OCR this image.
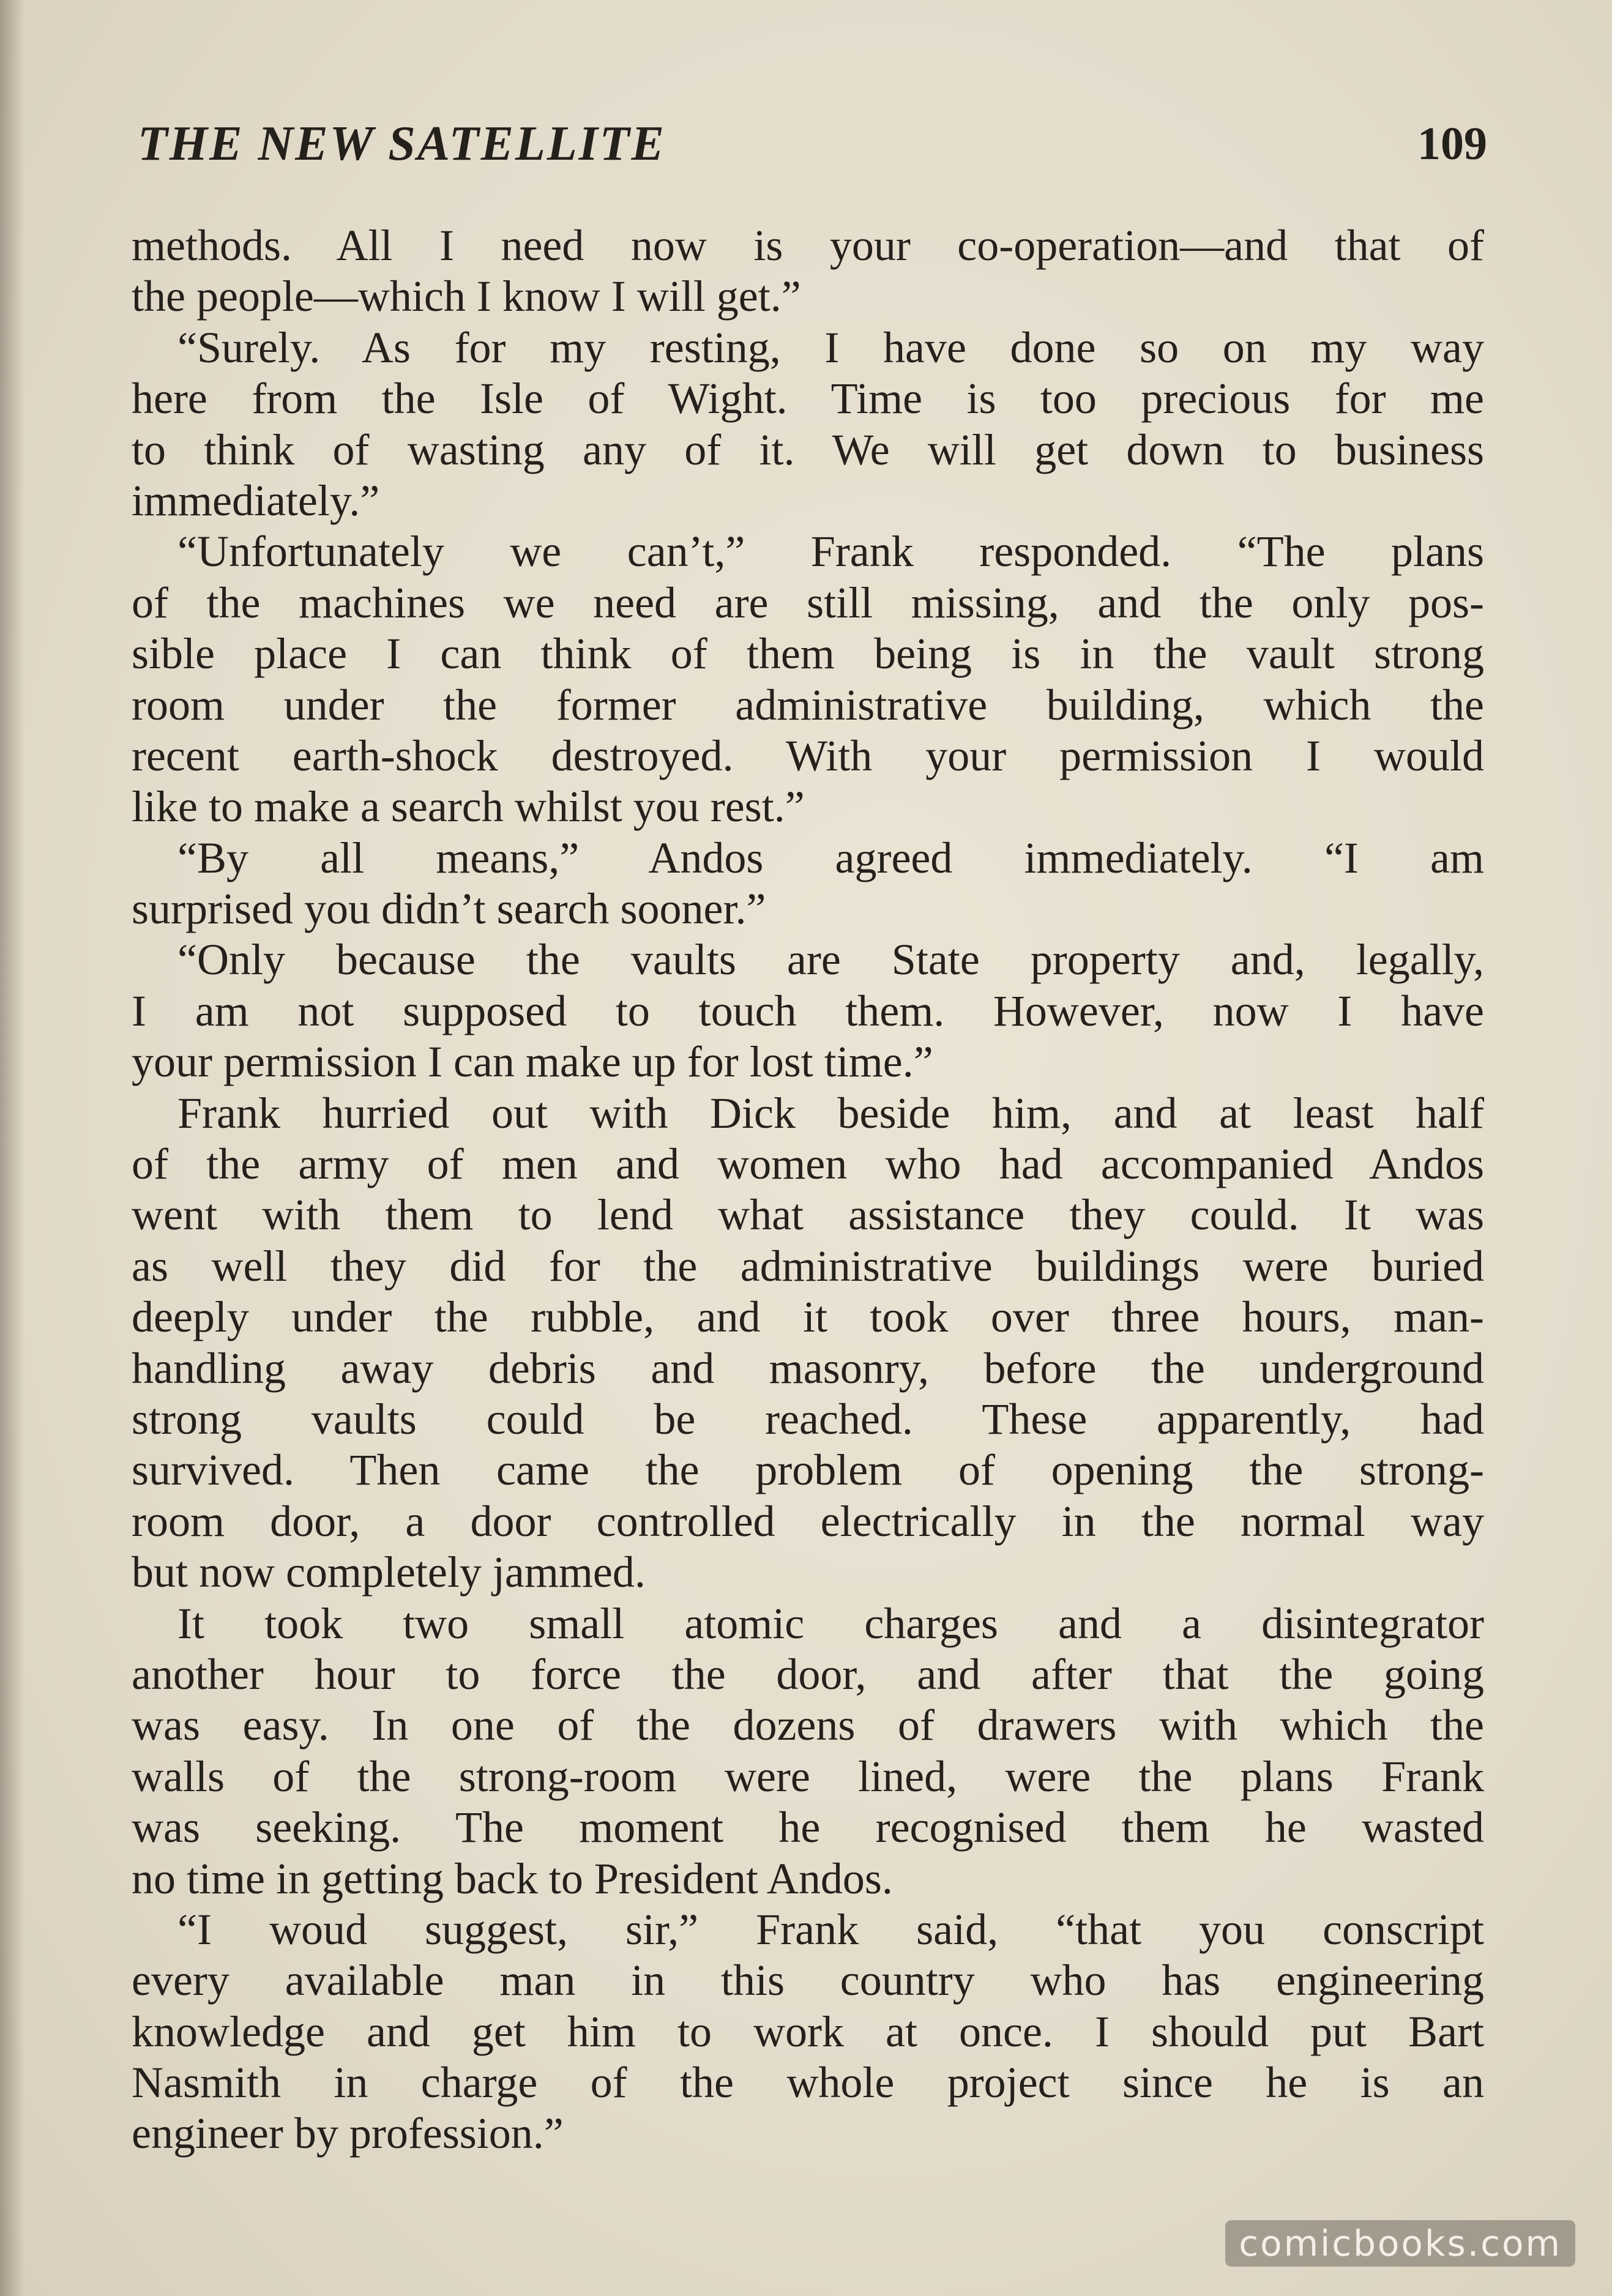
THE NEW SATELLITE	109
methods. All I need now is your co-operation—and that of
the people—which I know I will get.”
“Surely. As for my resting, I have done so on my way
here from the Isle of Wight. Time is too precious for me
to think of wasting any of it. We will get down to business
immediately.”
“Unfortunately we can’t,” Frank responded. “The plans
of the machines we need are still missing, and the only pos-
sible place I can think of them being is in the vault strong
room under the former administrative building, which the
recent earth-shock destroyed. With your permission I would
like to make a search whilst you rest.”
“By all means,” Andos agreed immediately. “I am
surprised you didn’t search sooner.”
“Only because the vaults are State property and, legally,
I am not supposed to touch them. However, now I have
your permission I can make up for lost time.”
Frank hurried out with Dick beside him, and at least half
of the army of men and women who had accompanied Andos
went with them to lend what assistance they could. It was
as well they did for the administrative buildings were buried
deeply under the rubble, and it took over three hours, man-
handling away debris and masonry, before the underground
strong vaults could be reached. These apparently, had
survived. Then came the problem of opening the strong-
room door, a door controlled electrically in the normal way
but now completely jammed.
It took two small atomic charges and a disintegrator
another hour to force the door, and after that the going
was easy. In one of the dozens of drawers with which the
walls of the strong-room were lined, were the plans Frank
was seeking. The moment he recognised them he wasted
no time in getting back to President Andos.
“I woud suggest, sir,” Frank said, “that you conscript
every available man in this country who has engineering
knowledge and get him to work at once. I should put Bart
Nasmith in charge of the whole project since he is an
engineer by profession.”
comicbooks.com
